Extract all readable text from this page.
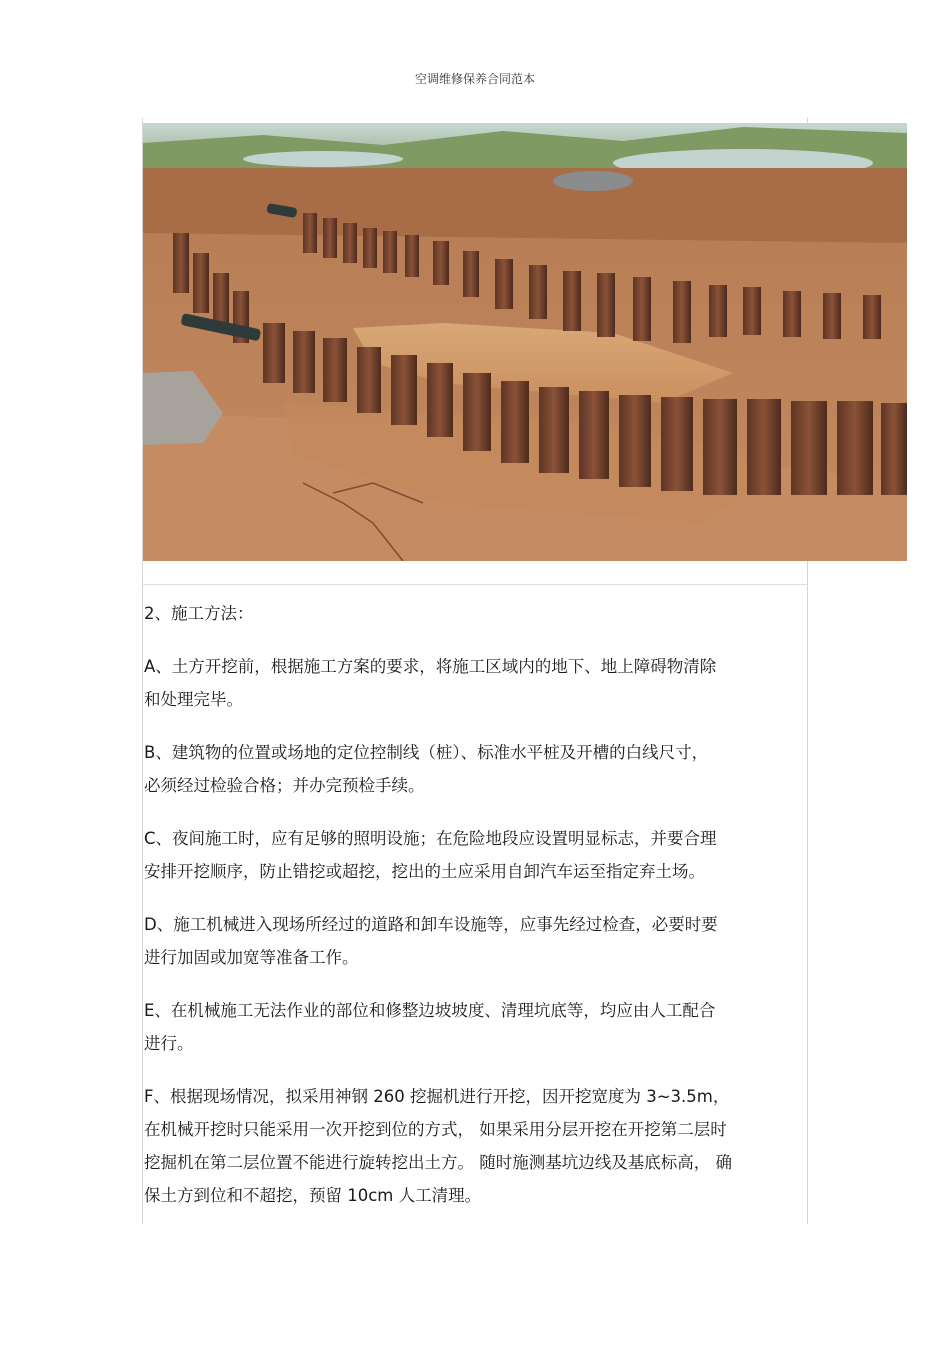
空调维修保养合同范本
2、施工方法：
A、土方开挖前，根据施工方案的要求，将施工区域内的地下、地上障碍物清除
和处理完毕。
B、建筑物的位置或场地的定位控制线（桩）、标准水平桩及开槽的白线尺寸，
必须经过检验合格；并办完预检手续。
C、夜间施工时，应有足够的照明设施；在危险地段应设置明显标志，并要合理
安排开挖顺序，防止错挖或超挖，挖出的土应采用自卸汽车运至指定弃土场。
D、施工机械进入现场所经过的道路和卸车设施等，应事先经过检查，必要时要
进行加固或加宽等准备工作。
E、在机械施工无法作业的部位和修整边坡坡度、清理坑底等，均应由人工配合
进行。
F、根据现场情况，拟采用神钢 260 挖掘机进行开挖，因开挖宽度为 3~3.5m，
在机械开挖时只能采用一次开挖到位的方式， 如果采用分层开挖在开挖第二层时
挖掘机在第二层位置不能进行旋转挖出土方。 随时施测基坑边线及基底标高， 确
保土方到位和不超挖，预留 10cm 人工清理。
